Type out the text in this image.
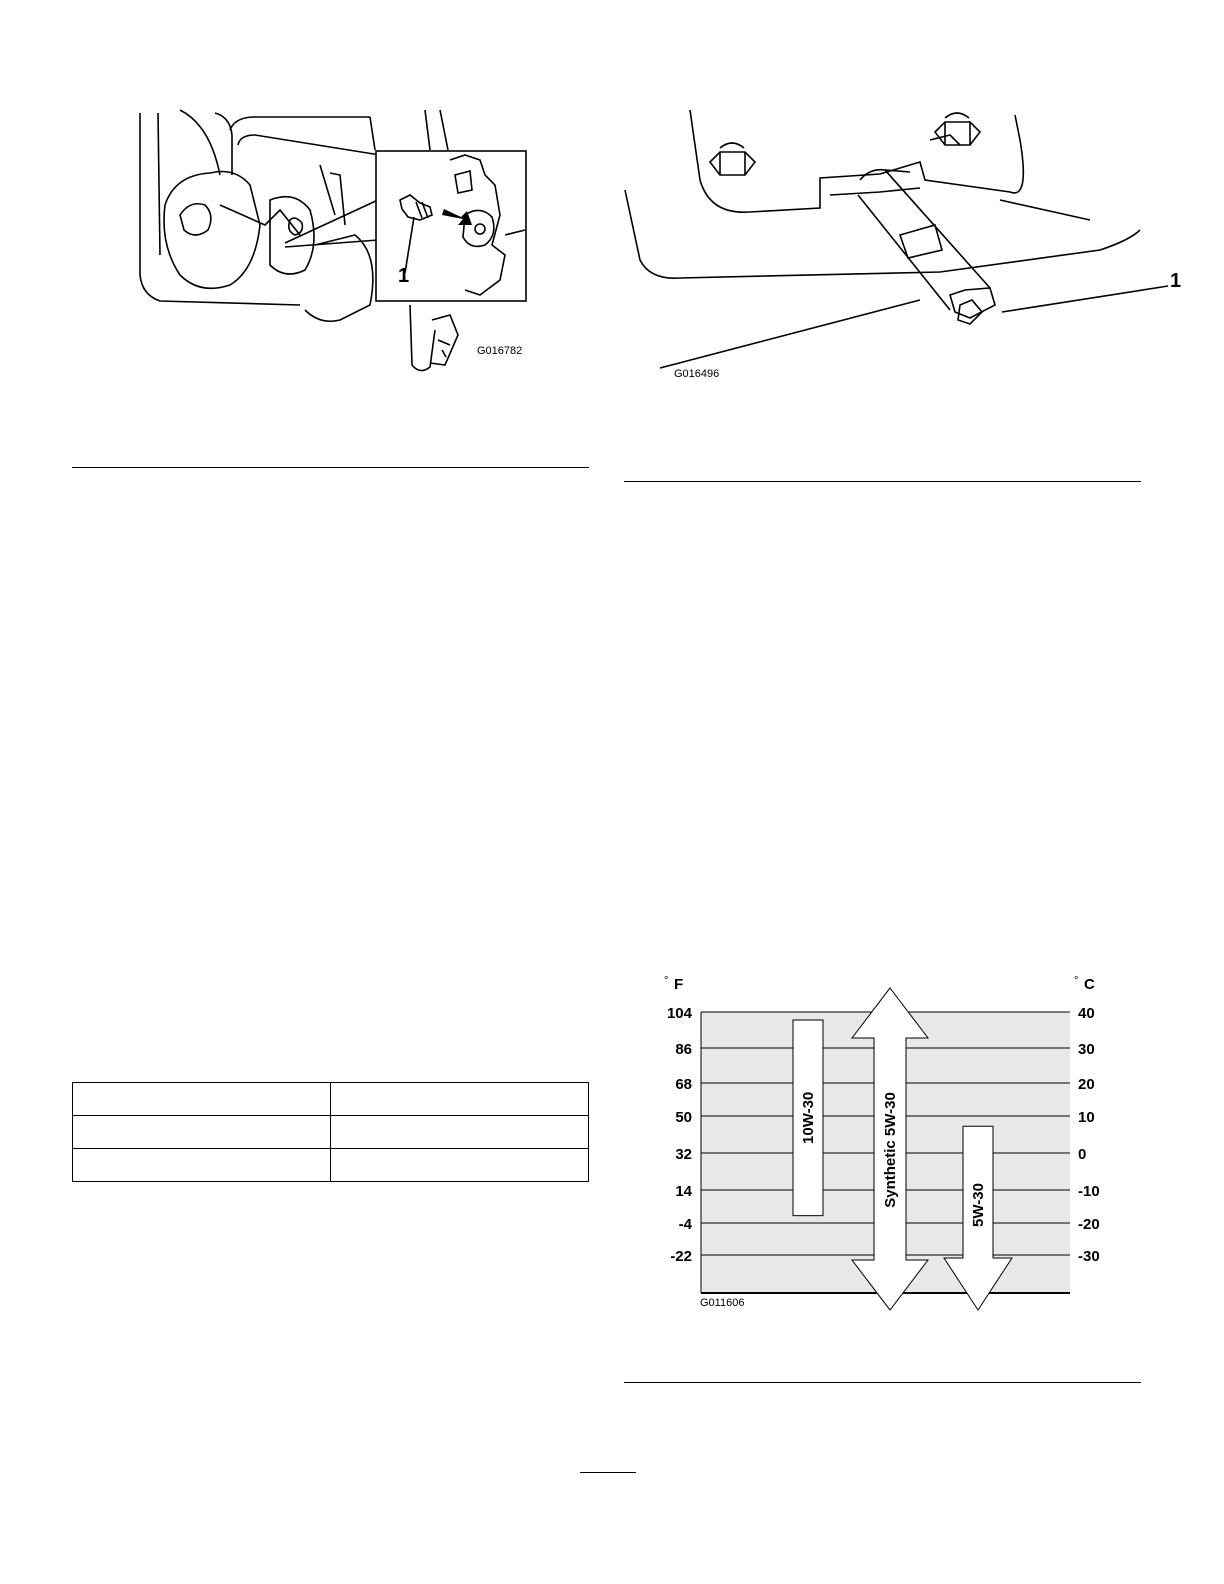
1
G016782
1
G016496

104	40
86	30
68	20
50	10
32	0
14	-10
-4	-20
-22	-30
° F	° C
10W-30	Synthetic 5W-30	5W-30
G011606
